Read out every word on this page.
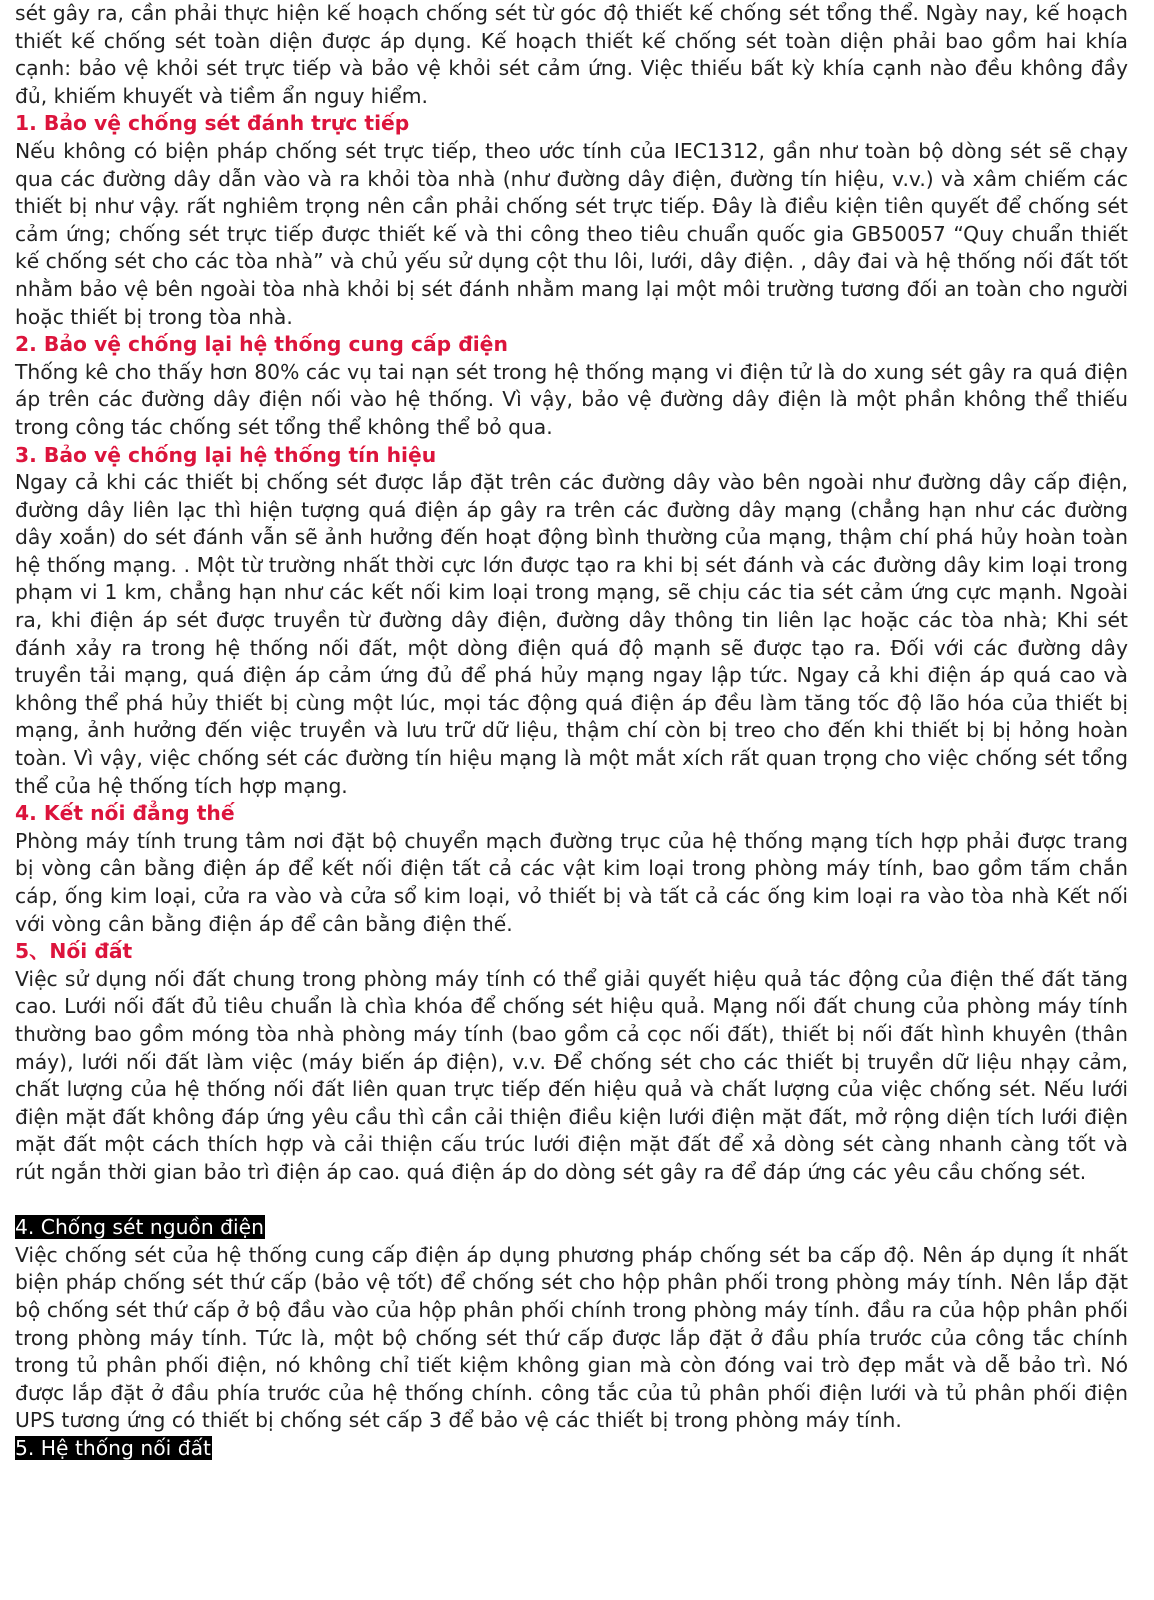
sét gây ra, cần phải thực hiện kế hoạch chống sét từ góc độ thiết kế chống sét tổng thể. Ngày nay, kế hoạch thiết kế chống sét toàn diện được áp dụng. Kế hoạch thiết kế chống sét toàn diện phải bao gồm hai khía cạnh: bảo vệ khỏi sét trực tiếp và bảo vệ khỏi sét cảm ứng. Việc thiếu bất kỳ khía cạnh nào đều không đầy đủ, khiếm khuyết và tiềm ẩn nguy hiểm.

1. Bảo vệ chống sét đánh trực tiếp

Nếu không có biện pháp chống sét trực tiếp, theo ước tính của IEC1312, gần như toàn bộ dòng sét sẽ chạy qua các đường dây dẫn vào và ra khỏi tòa nhà (như đường dây điện, đường tín hiệu, v.v.) và xâm chiếm các thiết bị như vậy. rất nghiêm trọng nên cần phải chống sét trực tiếp. Đây là điều kiện tiên quyết để chống sét cảm ứng; chống sét trực tiếp được thiết kế và thi công theo tiêu chuẩn quốc gia GB50057 “Quy chuẩn thiết kế chống sét cho các tòa nhà” và chủ yếu sử dụng cột thu lôi, lưới, dây điện. , dây đai và hệ thống nối đất tốt nhằm bảo vệ bên ngoài tòa nhà khỏi bị sét đánh nhằm mang lại một môi trường tương đối an toàn cho người hoặc thiết bị trong tòa nhà.

2. Bảo vệ chống lại hệ thống cung cấp điện

Thống kê cho thấy hơn 80% các vụ tai nạn sét trong hệ thống mạng vi điện tử là do xung sét gây ra quá điện áp trên các đường dây điện nối vào hệ thống. Vì vậy, bảo vệ đường dây điện là một phần không thể thiếu trong công tác chống sét tổng thể không thể bỏ qua.

3. Bảo vệ chống lại hệ thống tín hiệu

Ngay cả khi các thiết bị chống sét được lắp đặt trên các đường dây vào bên ngoài như đường dây cấp điện, đường dây liên lạc thì hiện tượng quá điện áp gây ra trên các đường dây mạng (chẳng hạn như các đường dây xoắn) do sét đánh vẫn sẽ ảnh hưởng đến hoạt động bình thường của mạng, thậm chí phá hủy hoàn toàn hệ thống mạng. . Một từ trường nhất thời cực lớn được tạo ra khi bị sét đánh và các đường dây kim loại trong phạm vi 1 km, chẳng hạn như các kết nối kim loại trong mạng, sẽ chịu các tia sét cảm ứng cực mạnh. Ngoài ra, khi điện áp sét được truyền từ đường dây điện, đường dây thông tin liên lạc hoặc các tòa nhà; Khi sét đánh xảy ra trong hệ thống nối đất, một dòng điện quá độ mạnh sẽ được tạo ra. Đối với các đường dây truyền tải mạng, quá điện áp cảm ứng đủ để phá hủy mạng ngay lập tức. Ngay cả khi điện áp quá cao và không thể phá hủy thiết bị cùng một lúc, mọi tác động quá điện áp đều làm tăng tốc độ lão hóa của thiết bị mạng, ảnh hưởng đến việc truyền và lưu trữ dữ liệu, thậm chí còn bị treo cho đến khi thiết bị bị hỏng hoàn toàn. Vì vậy, việc chống sét các đường tín hiệu mạng là một mắt xích rất quan trọng cho việc chống sét tổng thể của hệ thống tích hợp mạng.

4. Kết nối đẳng thế

Phòng máy tính trung tâm nơi đặt bộ chuyển mạch đường trục của hệ thống mạng tích hợp phải được trang bị vòng cân bằng điện áp để kết nối điện tất cả các vật kim loại trong phòng máy tính, bao gồm tấm chắn cáp, ống kim loại, cửa ra vào và cửa sổ kim loại, vỏ thiết bị và tất cả các ống kim loại ra vào tòa nhà Kết nối với vòng cân bằng điện áp để cân bằng điện thế.

5、Nối đất

Việc sử dụng nối đất chung trong phòng máy tính có thể giải quyết hiệu quả tác động của điện thế đất tăng cao. Lưới nối đất đủ tiêu chuẩn là chìa khóa để chống sét hiệu quả. Mạng nối đất chung của phòng máy tính thường bao gồm móng tòa nhà phòng máy tính (bao gồm cả cọc nối đất), thiết bị nối đất hình khuyên (thân máy), lưới nối đất làm việc (máy biến áp điện), v.v. Để chống sét cho các thiết bị truyền dữ liệu nhạy cảm, chất lượng của hệ thống nối đất liên quan trực tiếp đến hiệu quả và chất lượng của việc chống sét. Nếu lưới điện mặt đất không đáp ứng yêu cầu thì cần cải thiện điều kiện lưới điện mặt đất, mở rộng diện tích lưới điện mặt đất một cách thích hợp và cải thiện cấu trúc lưới điện mặt đất để xả dòng sét càng nhanh càng tốt và rút ngắn thời gian bảo trì điện áp cao. quá điện áp do dòng sét gây ra để đáp ứng các yêu cầu chống sét.

4. Chống sét nguồn điện

Việc chống sét của hệ thống cung cấp điện áp dụng phương pháp chống sét ba cấp độ. Nên áp dụng ít nhất biện pháp chống sét thứ cấp (bảo vệ tốt) để chống sét cho hộp phân phối trong phòng máy tính. Nên lắp đặt bộ chống sét thứ cấp ở bộ đầu vào của hộp phân phối chính trong phòng máy tính. đầu ra của hộp phân phối trong phòng máy tính. Tức là, một bộ chống sét thứ cấp được lắp đặt ở đầu phía trước của công tắc chính trong tủ phân phối điện, nó không chỉ tiết kiệm không gian mà còn đóng vai trò đẹp mắt và dễ bảo trì. Nó được lắp đặt ở đầu phía trước của hệ thống chính. công tắc của tủ phân phối điện lưới và tủ phân phối điện UPS tương ứng có thiết bị chống sét cấp 3 để bảo vệ các thiết bị trong phòng máy tính.

5. Hệ thống nối đất
